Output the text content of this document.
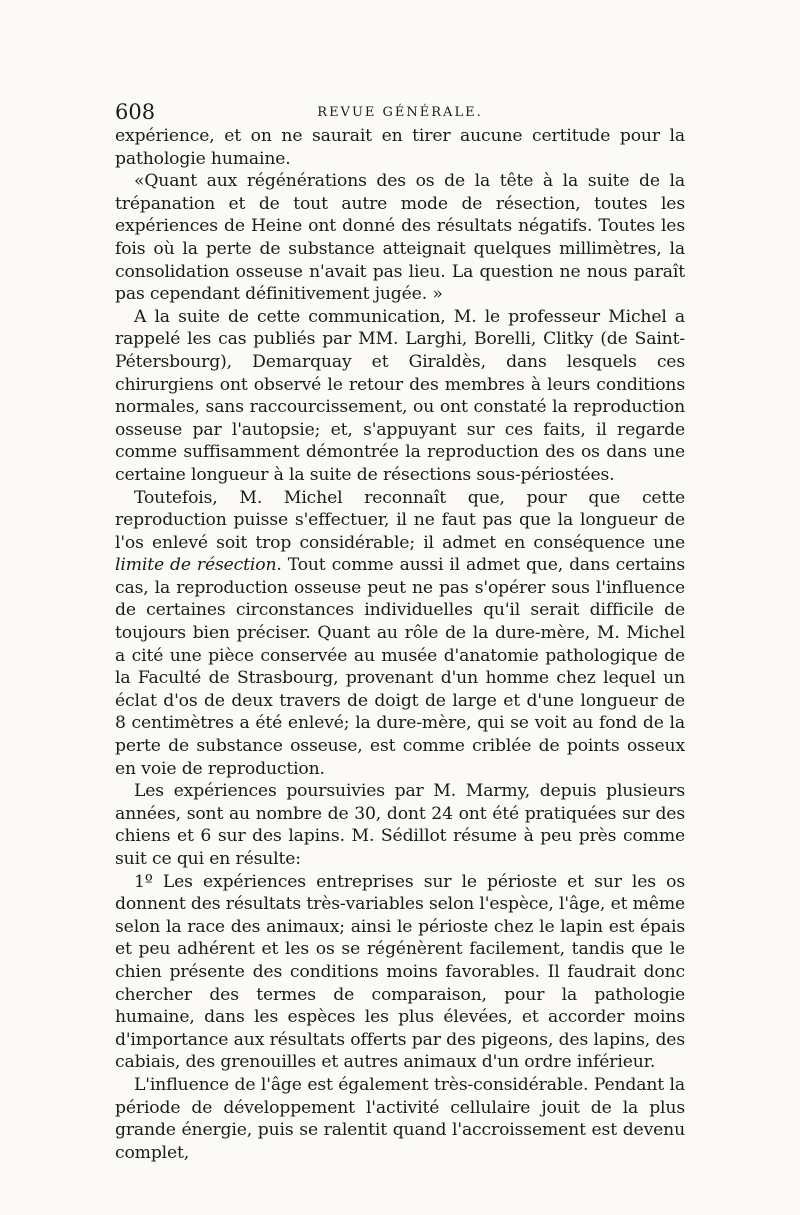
608	REVUE GÉNÉRALE.

expérience, et on ne saurait en tirer aucune certitude pour la pathologie humaine.

«Quant aux régénérations des os de la tête à la suite de la trépanation et de tout autre mode de résection, toutes les expériences de Heine ont donné des résultats négatifs. Toutes les fois où la perte de substance atteignait quelques millimètres, la consolidation osseuse n'avait pas lieu. La question ne nous paraît pas cependant définitivement jugée. »

A la suite de cette communication, M. le professeur Michel a rappelé les cas publiés par MM. Larghi, Borelli, Clitky (de Saint-Pétersbourg), Demarquay et Giraldès, dans lesquels ces chirurgiens ont observé le retour des membres à leurs conditions normales, sans raccourcissement, ou ont constaté la reproduction osseuse par l'autopsie; et, s'appuyant sur ces faits, il regarde comme suffisamment démontrée la reproduction des os dans une certaine longueur à la suite de résections sous-périostées.

Toutefois, M. Michel reconnaît que, pour que cette reproduction puisse s'effectuer, il ne faut pas que la longueur de l'os enlevé soit trop considérable; il admet en conséquence une limite de résection. Tout comme aussi il admet que, dans certains cas, la reproduction osseuse peut ne pas s'opérer sous l'influence de certaines circonstances individuelles qu'il serait difficile de toujours bien préciser. Quant au rôle de la dure-mère, M. Michel a cité une pièce conservée au musée d'anatomie pathologique de la Faculté de Strasbourg, provenant d'un homme chez lequel un éclat d'os de deux travers de doigt de large et d'une longueur de 8 centimètres a été enlevé; la dure-mère, qui se voit au fond de la perte de substance osseuse, est comme criblée de points osseux en voie de reproduction.

Les expériences poursuivies par M. Marmy, depuis plusieurs années, sont au nombre de 30, dont 24 ont été pratiquées sur des chiens et 6 sur des lapins. M. Sédillot résume à peu près comme suit ce qui en résulte:

1º Les expériences entreprises sur le périoste et sur les os donnent des résultats très-variables selon l'espèce, l'âge, et même selon la race des animaux; ainsi le périoste chez le lapin est épais et peu adhérent et les os se régénèrent facilement, tandis que le chien présente des conditions moins favorables. Il faudrait donc chercher des termes de comparaison, pour la pathologie humaine, dans les espèces les plus élevées, et accorder moins d'importance aux résultats offerts par des pigeons, des lapins, des cabiais, des grenouilles et autres animaux d'un ordre inférieur.

L'influence de l'âge est également très-considérable. Pendant la période de développement l'activité cellulaire jouit de la plus grande énergie, puis se ralentit quand l'accroissement est devenu complet,
